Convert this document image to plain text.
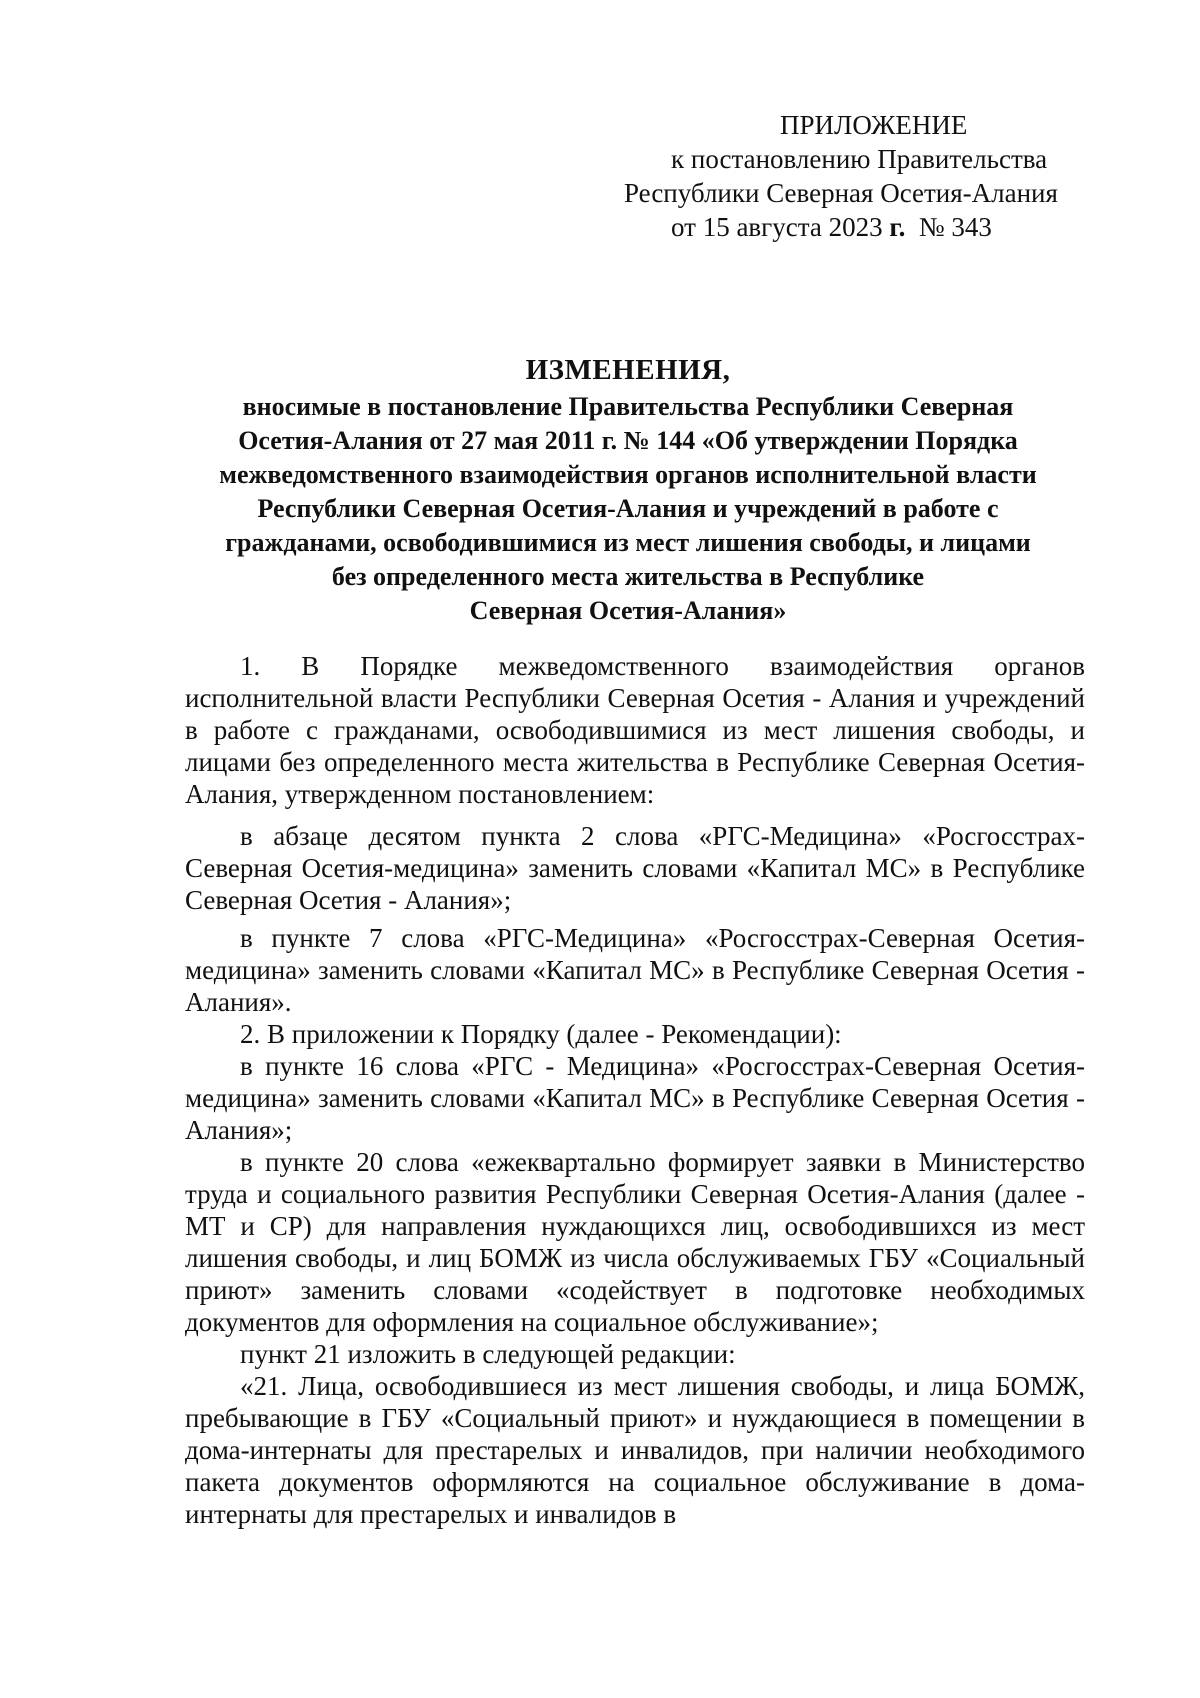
ПРИЛОЖЕНИЕ
к постановлению Правительства
Республики Северная Осетия-Алания
от 15 августа 2023 г. № 343
ИЗМЕНЕНИЯ,
вносимые в постановление Правительства Республики Северная
Осетия-Алания от 27 мая 2011 г. № 144 «Об утверждении Порядка
межведомственного взаимодействия органов исполнительной власти
Республики Северная Осетия-Алания и учреждений в работе с
гражданами, освободившимися из мест лишения свободы, и лицами
без определенного места жительства в Республике
Северная Осетия-Алания»

1. В Порядке межведомственного взаимодействия органов исполнительной власти Республики Северная Осетия - Алания и учреждений в работе с гражданами, освободившимися из мест лишения свободы, и лицами без определенного места жительства в Республике Северная Осетия-Алания, утвержденном постановлением:

в абзаце десятом пункта 2 слова «РГС-Медицина» «Росгосстрах-Северная Осетия-медицина» заменить словами «Капитал МС» в Республике Северная Осетия - Алания»;

в пункте 7 слова «РГС-Медицина» «Росгосстрах-Северная Осетия-медицина» заменить словами «Капитал МС» в Республике Северная Осетия - Алания».

2. В приложении к Порядку (далее - Рекомендации):

в пункте 16 слова «РГС - Медицина» «Росгосстрах-Северная Осетия-медицина» заменить словами «Капитал МС» в Республике Северная Осетия - Алания»;

в пункте 20 слова «ежеквартально формирует заявки в Министерство труда и социального развития Республики Северная Осетия-Алания (далее - МТ и СР) для направления нуждающихся лиц, освободившихся из мест лишения свободы, и лиц БОМЖ из числа обслуживаемых ГБУ «Социальный приют» заменить словами «содействует в подготовке необходимых документов для оформления на социальное обслуживание»;

пункт 21 изложить в следующей редакции:

«21. Лица, освободившиеся из мест лишения свободы, и лица БОМЖ, пребывающие в ГБУ «Социальный приют» и нуждающиеся в помещении в дома-интернаты для престарелых и инвалидов, при наличии необходимого пакета документов оформляются на социальное обслуживание в дома-интернаты для престарелых и инвалидов в
